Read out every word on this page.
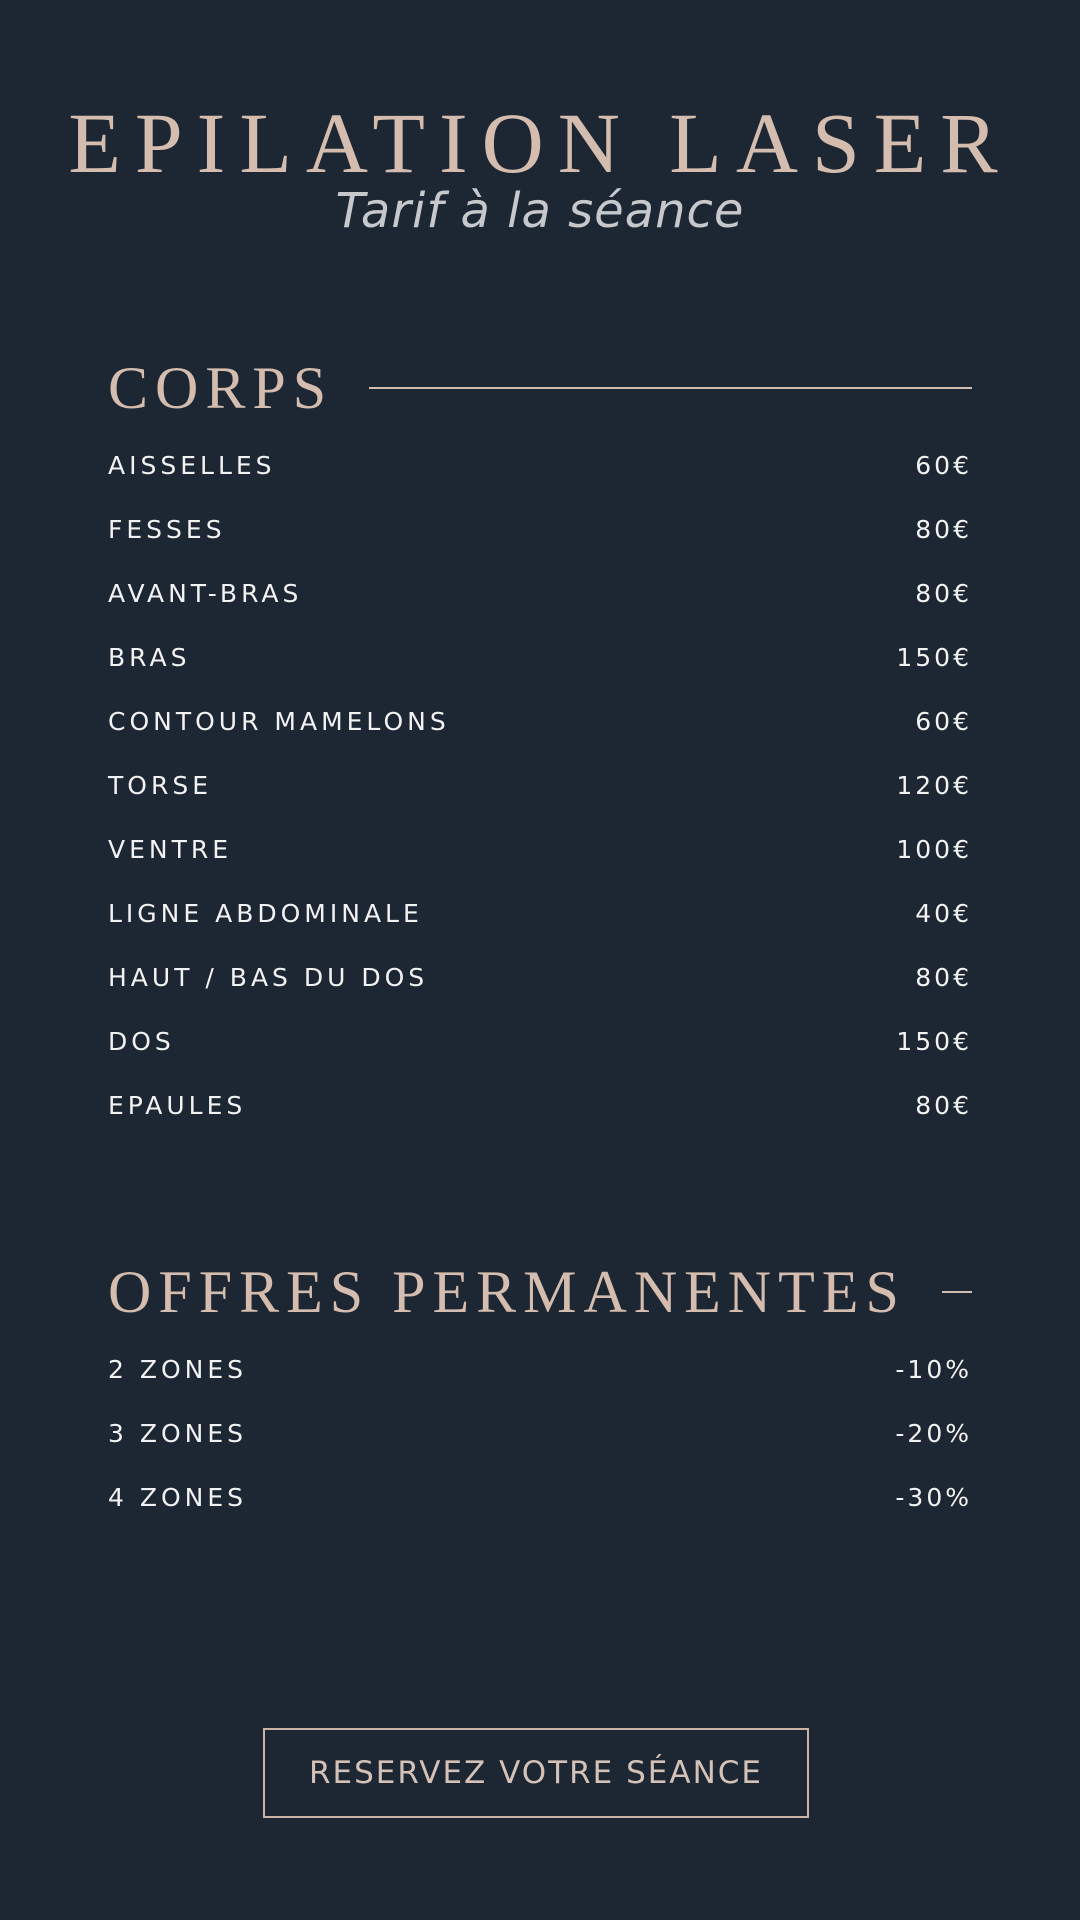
EPILATION LASER
Tarif à la séance
CORPS
AISSELLES	60€
FESSES	80€
AVANT-BRAS	80€
BRAS	150€
CONTOUR MAMELONS	60€
TORSE	120€
VENTRE	100€
LIGNE ABDOMINALE	40€
HAUT / BAS DU DOS	80€
DOS	150€
EPAULES	80€
OFFRES PERMANENTES
2 ZONES	-10%
3 ZONES	-20%
4 ZONES	-30%
RESERVEZ VOTRE SÉANCE
